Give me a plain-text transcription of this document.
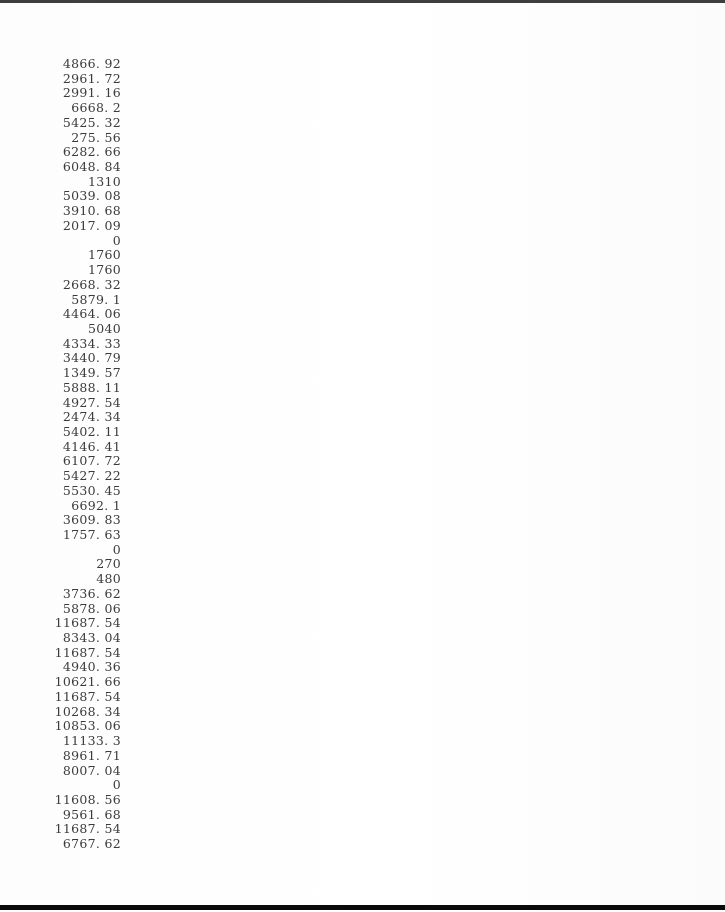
4866. 92
2961. 72
2991. 16
6668. 2
5425. 32
275. 56
6282. 66
6048. 84
1310
5039. 08
3910. 68
2017. 09
0
1760
1760
2668. 32
5879. 1
4464. 06
5040
4334. 33
3440. 79
1349. 57
5888. 11
4927. 54
2474. 34
5402. 11
4146. 41
6107. 72
5427. 22
5530. 45
6692. 1
3609. 83
1757. 63
0
270
480
3736. 62
5878. 06
11687. 54
8343. 04
11687. 54
4940. 36
10621. 66
11687. 54
10268. 34
10853. 06
11133. 3
8961. 71
8007. 04
0
11608. 56
9561. 68
11687. 54
6767. 62
